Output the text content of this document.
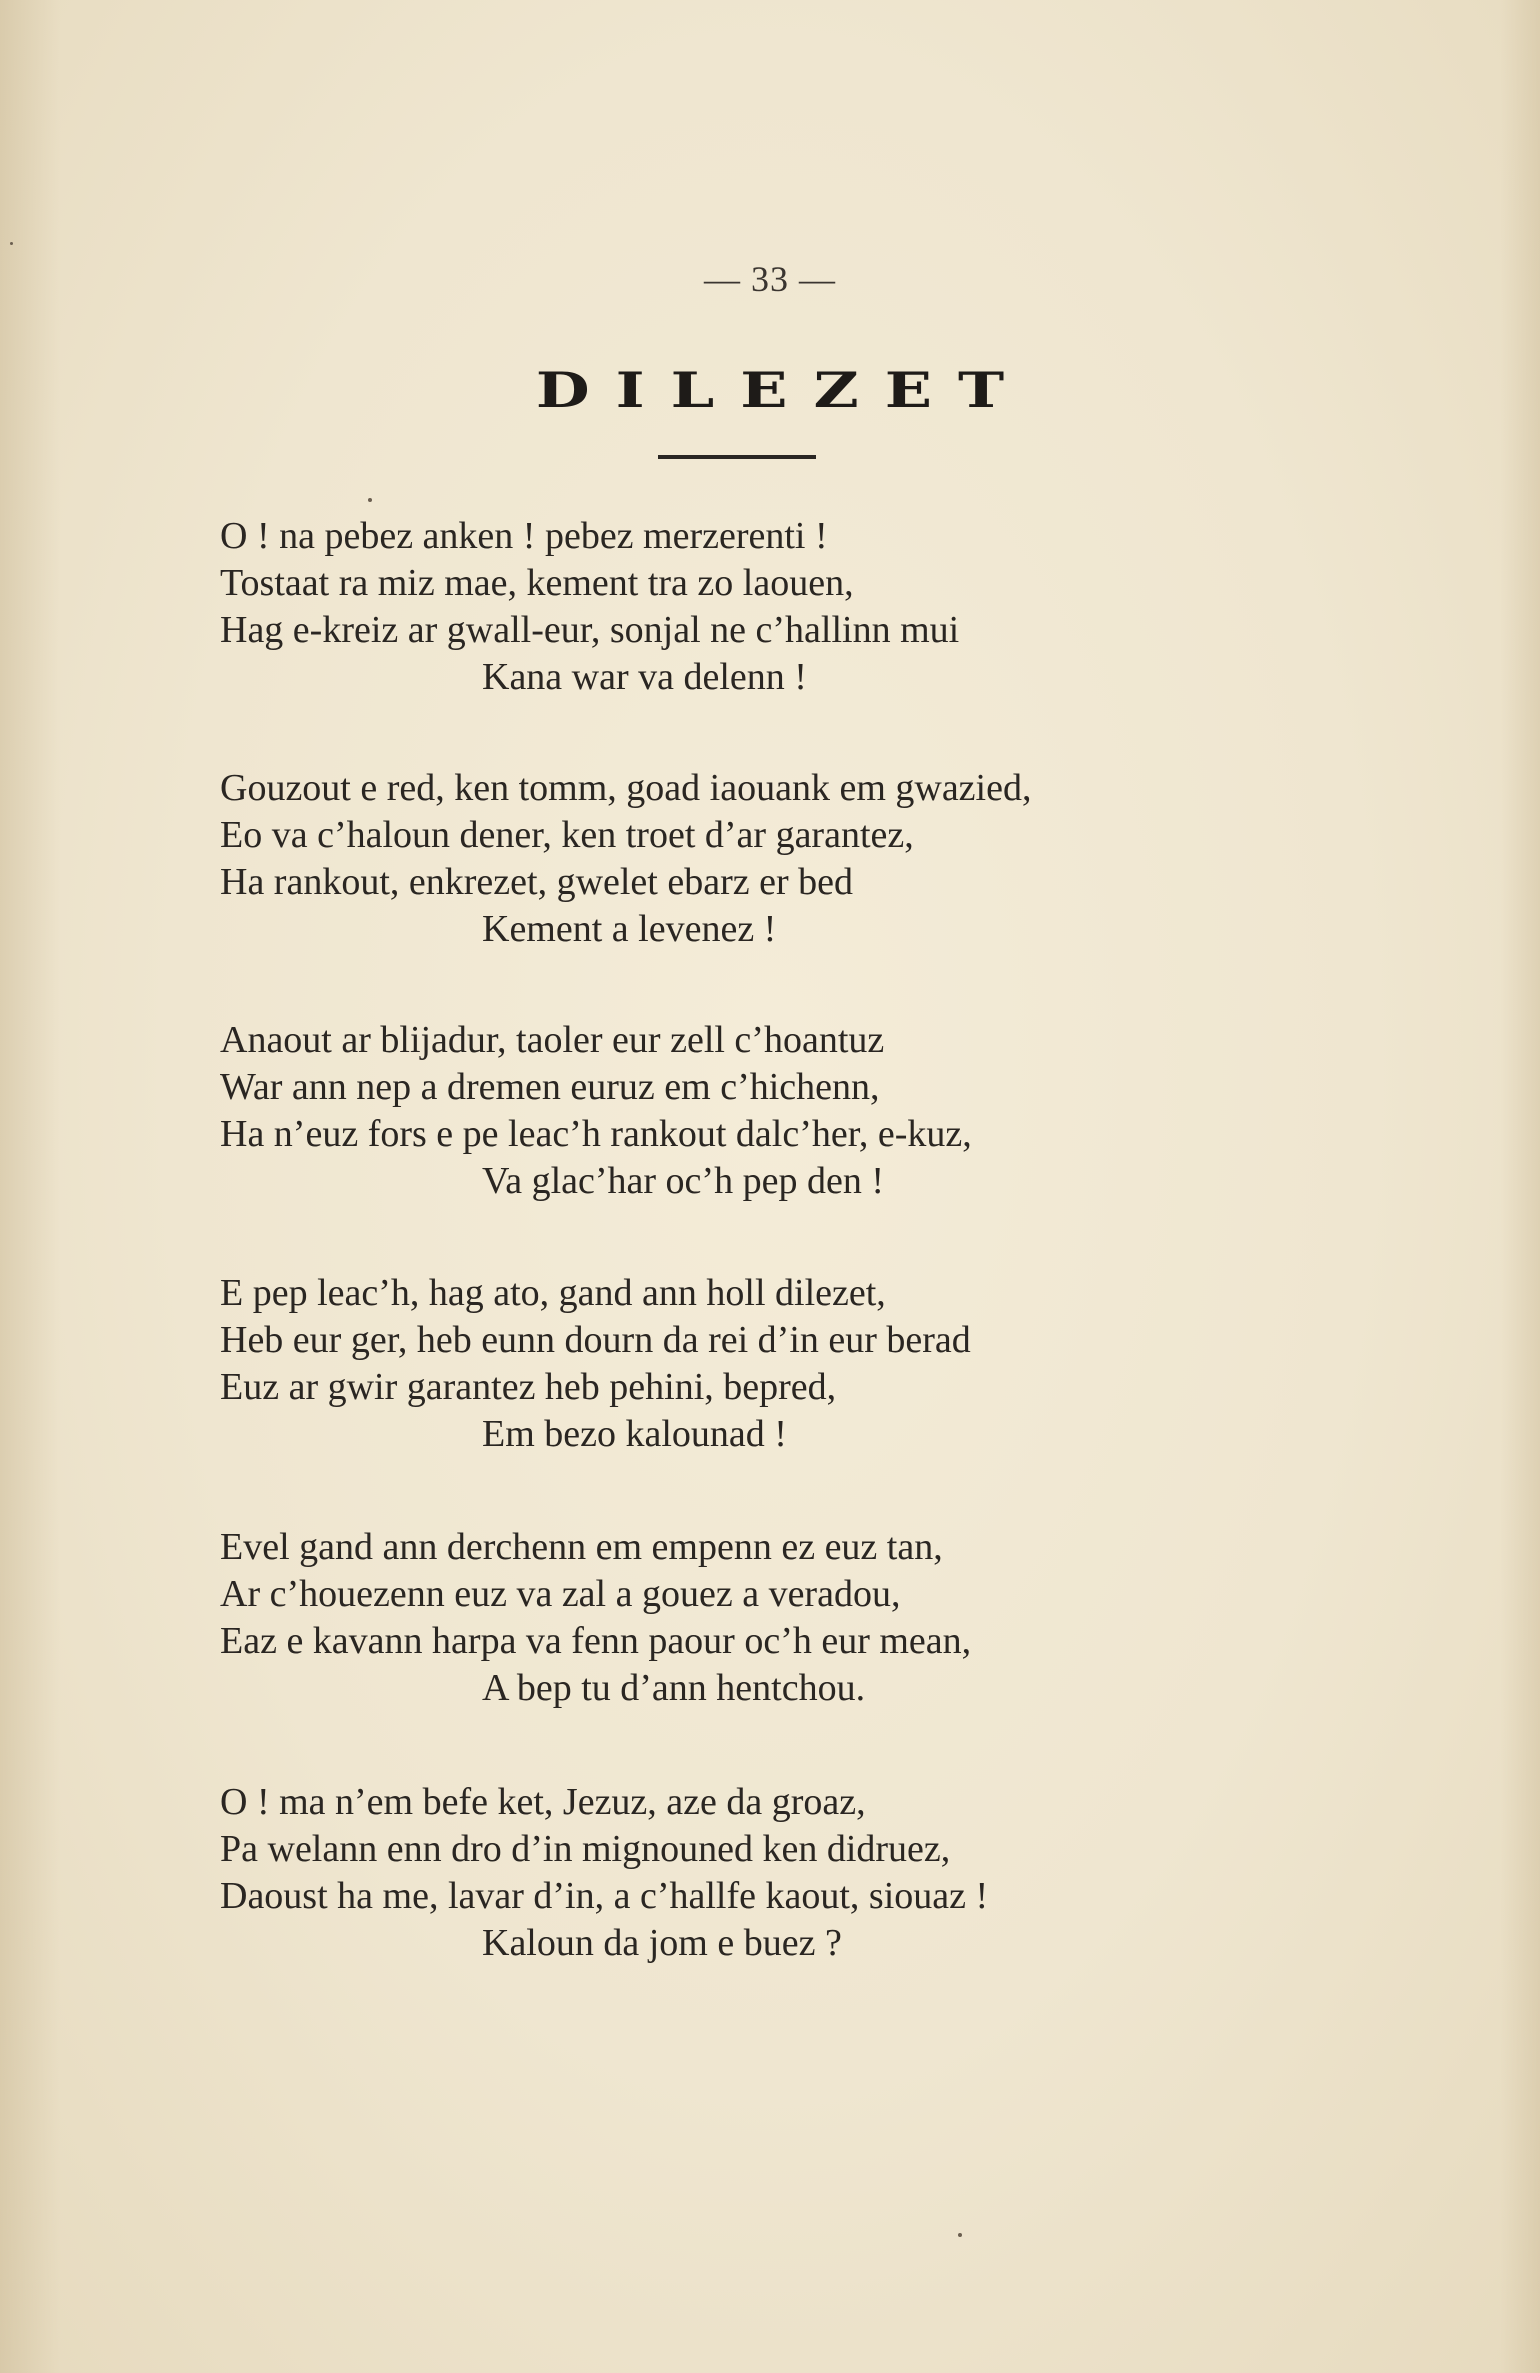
— 33 —
DILEZET
O ! na pebez anken ! pebez merzerenti !
Tostaat ra miz mae, kement tra zo laouen,
Hag e-kreiz ar gwall-eur, sonjal ne c’hallinn mui
Kana war va delenn !
Gouzout e red, ken tomm, goad iaouank em gwazied,
Eo va c’haloun dener, ken troet d’ar garantez,
Ha rankout, enkrezet, gwelet ebarz er bed
Kement a levenez !
Anaout ar blijadur, taoler eur zell c’hoantuz
War ann nep a dremen euruz em c’hichenn,
Ha n’euz fors e pe leac’h rankout dalc’her, e-kuz,
Va glac’har oc’h pep den !
E pep leac’h, hag ato, gand ann holl dilezet,
Heb eur ger, heb eunn dourn da rei d’in eur berad
Euz ar gwir garantez heb pehini, bepred,
Em bezo kalounad !
Evel gand ann derchenn em empenn ez euz tan,
Ar c’houezenn euz va zal a gouez a veradou,
Eaz e kavann harpa va fenn paour oc’h eur mean,
A bep tu d’ann hentchou.
O ! ma n’em befe ket, Jezuz, aze da groaz,
Pa welann enn dro d’in mignouned ken didruez,
Daoust ha me, lavar d’in, a c’hallfe kaout, siouaz !
Kaloun da jom e buez ?
